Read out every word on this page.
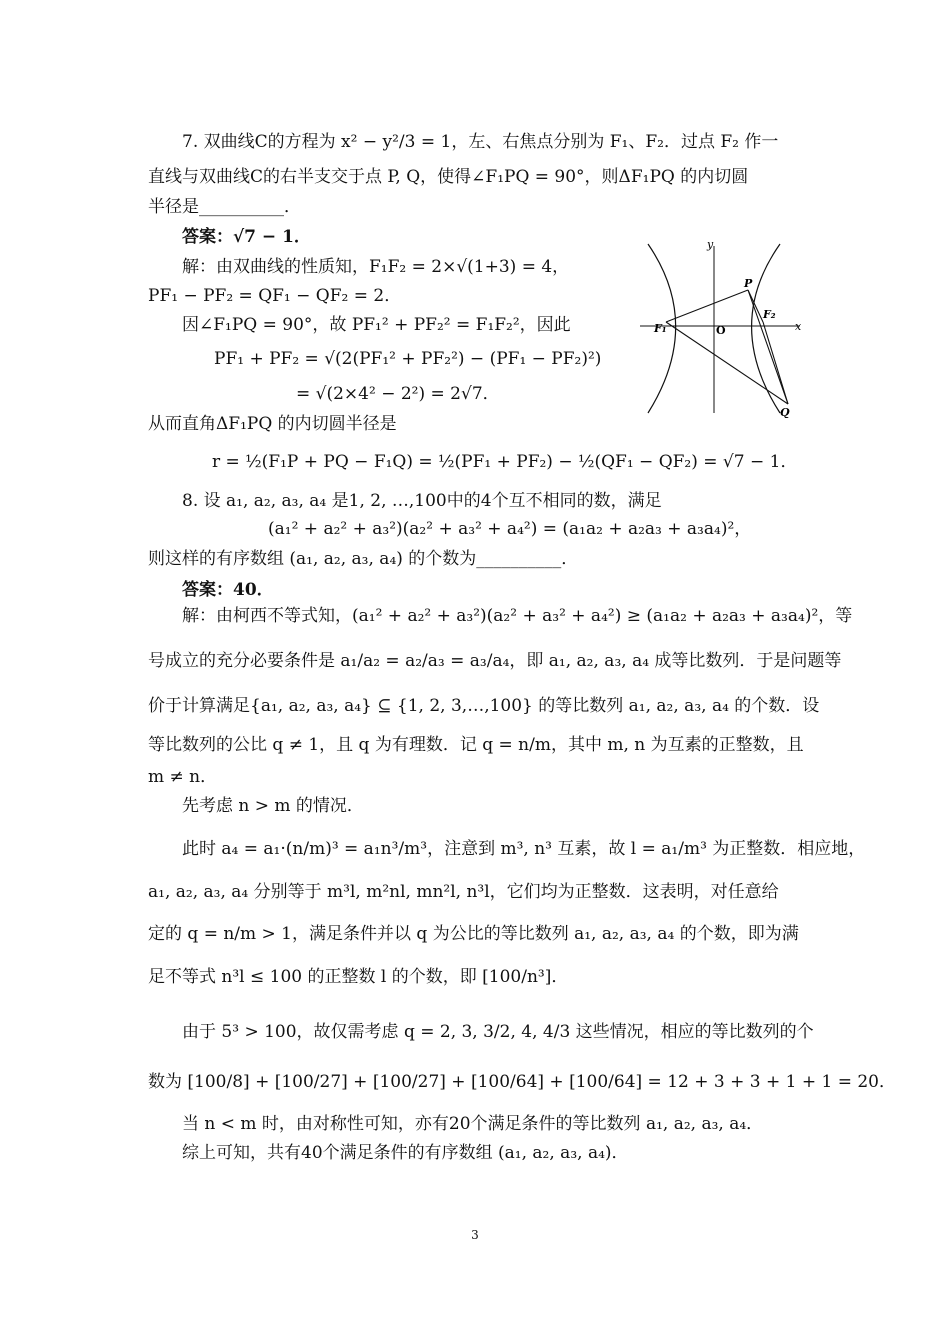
7. 双曲线C的方程为 x² − y²/3 = 1，左、右焦点分别为 F₁、F₂．过点 F₂ 作一
直线与双曲线C的右半支交于点 P, Q，使得∠F₁PQ = 90°，则ΔF₁PQ 的内切圆
半径是__________．
答案：√7 − 1．
解：由双曲线的性质知，F₁F₂ = 2×√(1+3) = 4，
PF₁ − PF₂ = QF₁ − QF₂ = 2．
因∠F₁PQ = 90°，故 PF₁² + PF₂² = F₁F₂²，因此
PF₁ + PF₂ = √(2(PF₁² + PF₂²) − (PF₁ − PF₂)²)
= √(2×4² − 2²) = 2√7．
从而直角ΔF₁PQ 的内切圆半径是
r = ½(F₁P + PQ − F₁Q) = ½(PF₁ + PF₂) − ½(QF₁ − QF₂) = √7 − 1．
y
x
O
F₁
F₂
P
Q
8. 设 a₁, a₂, a₃, a₄ 是1, 2, …,100中的4个互不相同的数，满足
(a₁² + a₂² + a₃²)(a₂² + a₃² + a₄²) = (a₁a₂ + a₂a₃ + a₃a₄)²，
则这样的有序数组 (a₁, a₂, a₃, a₄) 的个数为__________．
答案：40．
解：由柯西不等式知，(a₁² + a₂² + a₃²)(a₂² + a₃² + a₄²) ≥ (a₁a₂ + a₂a₃ + a₃a₄)²，等
号成立的充分必要条件是 a₁/a₂ = a₂/a₃ = a₃/a₄，即 a₁, a₂, a₃, a₄ 成等比数列．于是问题等
价于计算满足{a₁, a₂, a₃, a₄} ⊆ {1, 2, 3,…,100} 的等比数列 a₁, a₂, a₃, a₄ 的个数．设
等比数列的公比 q ≠ 1，且 q 为有理数．记 q = n/m，其中 m, n 为互素的正整数，且
m ≠ n．
先考虑 n > m 的情况．
此时 a₄ = a₁·(n/m)³ = a₁n³/m³，注意到 m³, n³ 互素，故 l = a₁/m³ 为正整数．相应地，
a₁, a₂, a₃, a₄ 分别等于 m³l, m²nl, mn²l, n³l，它们均为正整数．这表明，对任意给
定的 q = n/m > 1，满足条件并以 q 为公比的等比数列 a₁, a₂, a₃, a₄ 的个数，即为满
足不等式 n³l ≤ 100 的正整数 l 的个数，即 [100/n³]．
由于 5³ > 100，故仅需考虑 q = 2, 3, 3/2, 4, 4/3 这些情况，相应的等比数列的个
数为 [100/8] + [100/27] + [100/27] + [100/64] + [100/64] = 12 + 3 + 3 + 1 + 1 = 20．
当 n < m 时，由对称性可知，亦有20个满足条件的等比数列 a₁, a₂, a₃, a₄．
综上可知，共有40个满足条件的有序数组 (a₁, a₂, a₃, a₄)．
3
